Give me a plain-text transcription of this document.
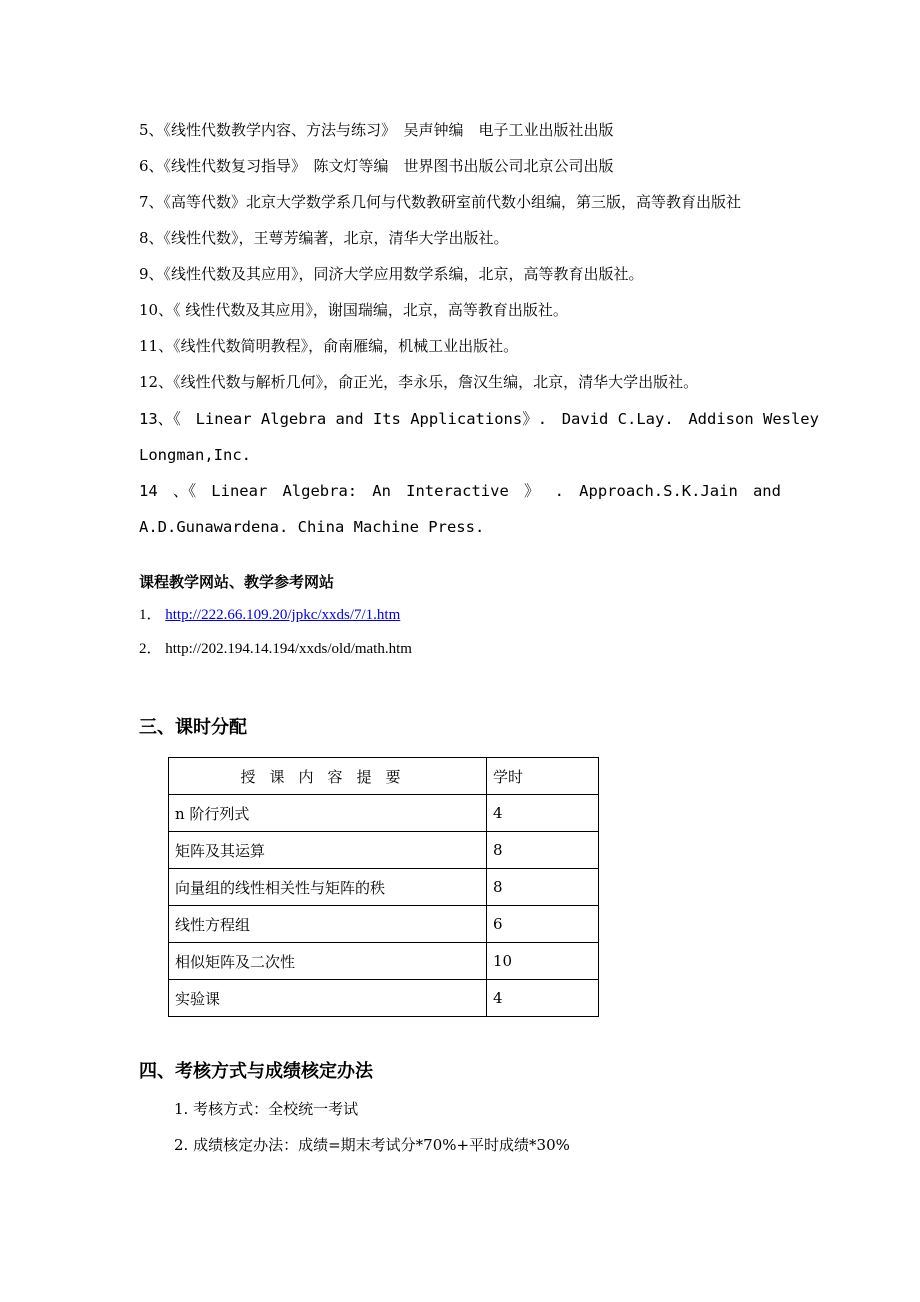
5、《线性代数教学内容、方法与练习》　吴声钟编　电子工业出版社出版
6、《线性代数复习指导》　陈文灯等编　世界图书出版公司北京公司出版
7、《高等代数》北京大学数学系几何与代数教研室前代数小组编，第三版，高等教育出版社
8、《线性代数》，王萼芳编著，北京，清华大学出版社。
9、《线性代数及其应用》，同济大学应用数学系编，北京，高等教育出版社。
10、《 线性代数及其应用》，谢国瑞编，北京，高等教育出版社。
11、《线性代数简明教程》，俞南雁编，机械工业出版社。
12、《线性代数与解析几何》，俞正光，李永乐，詹汉生编，北京，清华大学出版社。
13、《 Linear Algebra and Its Applications》. David C.Lay. Addison Wesley
Longman,Inc.
14 、《 Linear Algebra: An Interactive 》 . Approach.S.K.Jain and
A.D.Gunawardena. China Machine Press.
课程教学网站、教学参考网站
1． http://222.66.109.20/jpkc/xxds/7/1.htm
2． http://202.194.14.194/xxds/old/math.htm
三、课时分配
授课内容提要	学时
n 阶行列式	4
矩阵及其运算	8
向量组的线性相关性与矩阵的秩	8
线性方程组	6
相似矩阵及二次性	10
实验课	4
四、考核方式与成绩核定办法
1. 考核方式：全校统一考试
2. 成绩核定办法：成绩=期末考试分*70%+平时成绩*30%
